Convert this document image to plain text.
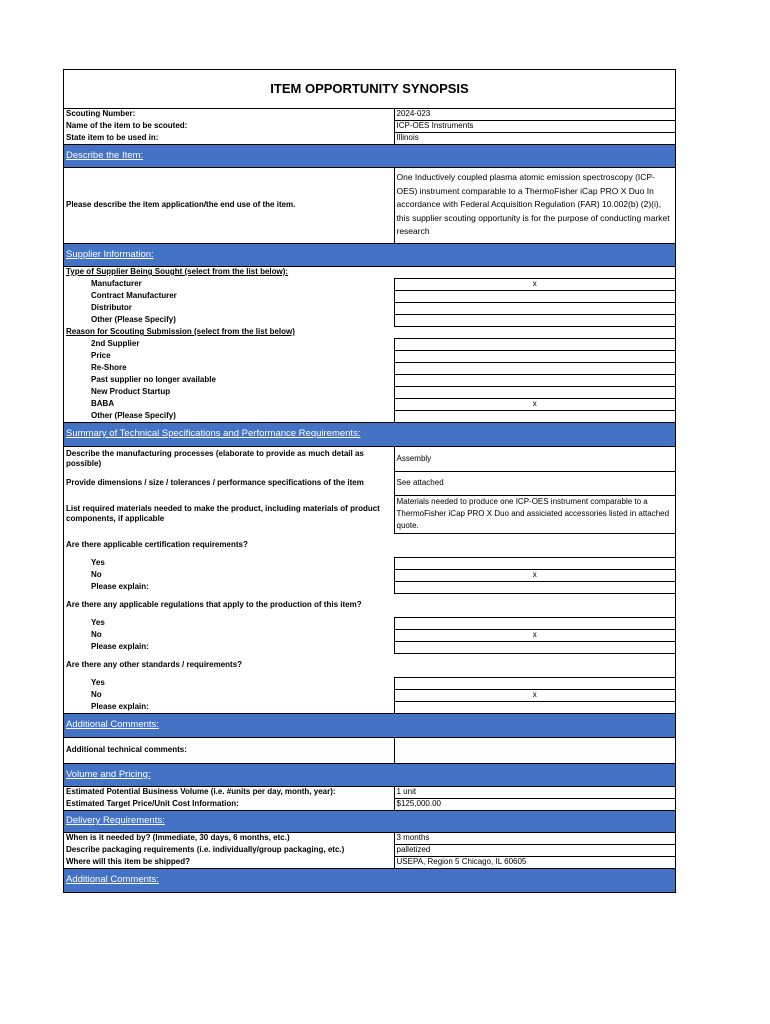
ITEM OPPORTUNITY SYNOPSIS	
Scouting Number:	2024-023
Name of the item to be scouted:	ICP-OES Instruments
State item to be used in:	Illinois
Describe the Item:	
Please describe the item application/the end use of the item.	One Inductively coupled plasma atomic emission spectroscopy (ICP-OES) instrument comparable to a ThermoFisher iCap PRO X Duo In accordance with Federal Acquisition Regulation (FAR) 10.002(b) (2)(i), this supplier scouting opportunity is for the purpose of conducting market research
Supplier Information:	
Type of Supplier Being Sought (select from the list below):	
Manufacturer	x
Contract Manufacturer	
Distributor	
Other (Please Specify)	
Reason for Scouting Submission (select from the list below)	
2nd Supplier	
Price	
Re-Shore	
Past supplier no longer available	
New Product Startup	
BABA	x
Other (Please Specify)	
Summary of Technical Specifications and Performance Requirements:	
Describe the manufacturing processes (elaborate to provide as much detail as possible)	Assembly
Provide dimensions / size / tolerances / performance specifications of the item	See attached
List required materials needed to make the product, including materials of product components, if applicable	Materials needed to produce one ICP-OES instrument comparable to a ThermoFisher iCap PRO X Duo and assiciated accessories listed in attached quote.
Are there applicable certification requirements?	
Yes	
No	x
Please explain:	
Are there any applicable regulations that apply to the production of this item?	
Yes	
No	x
Please explain:	
Are there any other standards / requirements?	
Yes	
No	x
Please explain:	
Additional Comments:	
Additional technical comments:	
Volume and Pricing:	
Estimated Potential Business Volume (i.e. #units per day, month, year):	1 unit
Estimated Target Price/Unit Cost Information:	$125,000.00
Delivery Requirements:	
When is it needed by? (Immediate, 30 days, 6 months, etc.)	3 months
Describe packaging requirements (i.e. individually/group packaging, etc.)	palletized
Where will this item be shipped?	USEPA, Region 5 Chicago, IL 60605
Additional Comments:	
